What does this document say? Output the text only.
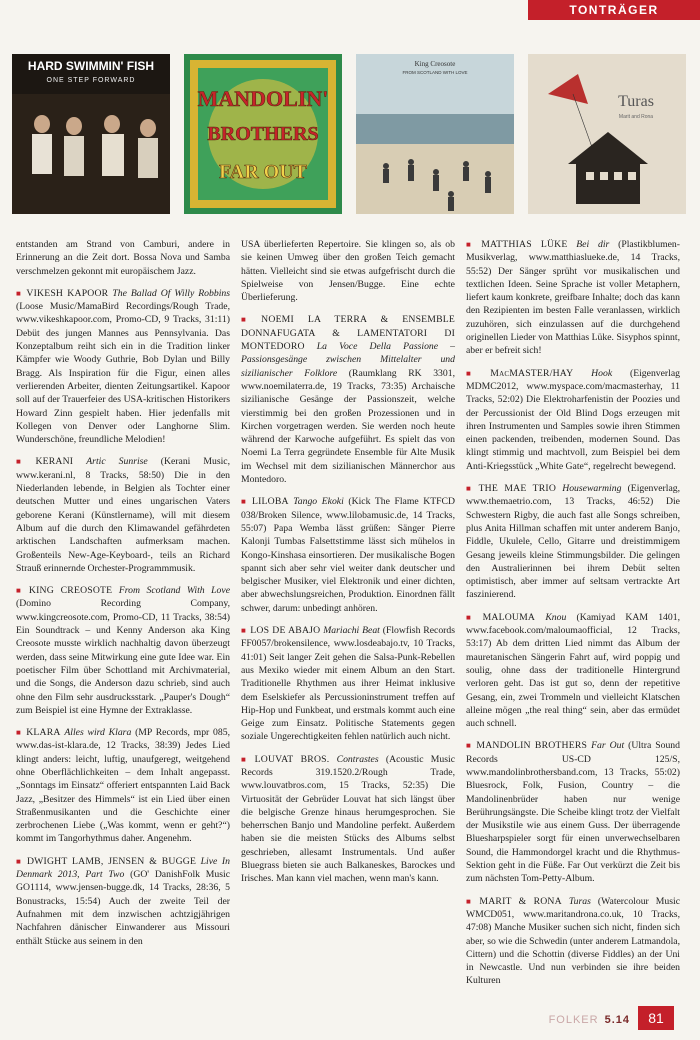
TONTRÄGER
HARD SWIMMIN' FISH
ONE STEP FORWARD
MANDOLIN'
BROTHERS
FAR OUT
King Creosote
FROM SCOTLAND WITH LOVE
Turas
Marit and Rona

entstanden am Strand von Camburi, andere in Erinnerung an die Zeit dort. Bossa Nova und Samba verschmelzen gekonnt mit europäischem Jazz.

■ VIKESH KAPOOR The Ballad Of Willy Robbins (Loose Music/MamaBird Recordings/Rough Trade, www.vikeshkapoor.com, Promo-CD, 9 Tracks, 31:11) Debüt des jungen Mannes aus Pennsylvania. Das Konzeptalbum reiht sich ein in die Tradition linker Kämpfer wie Woody Guthrie, Bob Dylan und Billy Bragg. Als Inspiration für die Figur, einen alles verlierenden Arbeiter, dienten Zeitungsartikel. Kapoor soll auf der Trauerfeier des USA-kritischen Historikers Howard Zinn gespielt haben. Hier jedenfalls mit Kollegen von Denver oder Langhorne Slim. Wunderschöne, freundliche Melodien!

■ KERANI Artic Sunrise (Kerani Music, www.kerani.nl, 8 Tracks, 58:50) Die in den Niederlanden lebende, in Belgien als Tochter einer deutschen Mutter und eines ungarischen Vaters geborene Kerani (Künstlername), will mit diesem Album auf die durch den Klimawandel gefährdeten arktischen Landschaften aufmerksam machen. Großenteils New-Age-Keyboard-, teils an Richard Strauß erinnernde Orchester-Programmmusik.

■ KING CREOSOTE From Scotland With Love (Domino Recording Company, www.kingcreosote.com, Promo-CD, 11 Tracks, 38:54) Ein Soundtrack – und Kenny Anderson aka King Creosote musste wirklich nachhaltig davon überzeugt werden, dass seine Mitwirkung eine gute Idee war. Ein poetischer Film über Schottland mit Archivmaterial, und die Songs, die Anderson dazu schrieb, sind auch ohne den Film sehr ausdrucksstark. „Pauper's Dough“ zum Beispiel ist eine Hymne der Extraklasse.

■ KLARA Alles wird Klara (MP Records, mpr 085, www.das-ist-klara.de, 12 Tracks, 38:39) Jedes Lied klingt anders: leicht, luftig, unaufgeregt, weitgehend ohne Oberflächlichkeiten – dem Inhalt angepasst. „Sonntags im Einsatz“ offeriert entspannten Laid Back Jazz, „Besitzer des Himmels“ ist ein Lied über einen Straßenmusikanten und die Geschichte einer zerbrochenen Liebe („Was kommt, wenn er geht?“) kommt im Tangorhythmus daher. Angenehm.

■ DWIGHT LAMB, JENSEN & BUGGE Live In Denmark 2013, Part Two (GO' DanishFolk Music GO1114, www.jensen-bugge.dk, 14 Tracks, 28:36, 5 Bonustracks, 15:54) Auch der zweite Teil der Aufnahmen mit dem inzwischen achtzigjährigen Nachfahren dänischer Einwanderer aus Missouri enthält Stücke aus seinem in den

USA überlieferten Repertoire. Sie klingen so, als ob sie keinen Umweg über den großen Teich gemacht hätten. Vielleicht sind sie etwas aufgefrischt durch die Spielweise von Jensen/Bugge. Eine echte Überlieferung.

■ NOEMI LA TERRA & ENSEMBLE DONNAFUGATA & LAMENTATORI DI MONTEDORO La Voce Della Passione – Passionsgesänge zwischen Mittelalter und sizilianischer Folklore (Raumklang RK 3301, www.noemilaterra.de, 19 Tracks, 73:35) Archaische sizilianische Gesänge der Passionszeit, welche vierstimmig bei den großen Prozessionen und in Kirchen vorgetragen werden. Sie werden noch heute während der Karwoche aufgeführt. Es spielt das von Noemi La Terra gegründete Ensemble für Alte Musik im Wechsel mit dem sizilianischen Männerchor aus Montedoro.

■ LILOBA Tango Ekoki (Kick The Flame KTFCD 038/Broken Silence, www.lilobamusic.de, 14 Tracks, 55:07) Papa Wemba lässt grüßen: Sänger Pierre Kalonji Tumbas Falsettstimme lässt sich mühelos in Kongo-Kinshasa einsortieren. Der musikalische Bogen spannt sich aber sehr viel weiter dank deutscher und belgischer Musiker, viel Elektronik und einer dichten, aber abwechslungsreichen, Produktion. Einordnen fällt schwer, darum: unbedingt anhören.

■ LOS DE ABAJO Mariachi Beat (Flowfish Records FF0057/brokensilence, www.losdeabajo.tv, 10 Tracks, 41:01) Seit langer Zeit gehen die Salsa-Punk-Rebellen aus Mexiko wieder mit einem Album an den Start. Traditionelle Rhythmen aus ihrer Heimat inklusive dem Eselskiefer als Percussioninstrument treffen auf Hip-Hop und Funkbeat, und erstmals kommt auch eine Geige zum Einsatz. Politische Statements gegen soziale Ungerechtigkeiten fehlen natürlich auch nicht.

■ LOUVAT BROS. Contrastes (Acoustic Music Records 319.1520.2/Rough Trade, www.louvatbros.com, 15 Tracks, 52:35) Die Virtuosität der Gebrüder Louvat hat sich längst über die belgische Grenze hinaus herumgesprochen. Sie beherrschen Banjo und Mandoline perfekt. Außerdem haben sie die meisten Stücks des Albums selbst geschrieben, allesamt Instrumentals. Und außer Bluegrass bieten sie auch Balkaneskes, Barockes und Irisches. Man kann viel machen, wenn man's kann.

■ MATTHIAS LÜKE Bei dir (Plastikblumen-Musikverlag, www.matthiaslueke.de, 14 Tracks, 55:52) Der Sänger sprüht vor musikalischen und textlichen Ideen. Seine Sprache ist voller Metaphern, liefert kaum konkrete, greifbare Inhalte; doch das kann den Rezipienten im besten Falle veranlassen, wirklich zuzuhören, sich einzulassen auf die durchgehend originellen Lieder von Matthias Lüke. Sisyphos spinnt, aber er befreit sich!

■ MacMASTER/HAY Hook (Eigenverlag MDMC2012, www.myspace.com/macmasterhay, 11 Tracks, 52:02) Die Elektroharfenistin der Poozies und der Percussionist der Old Blind Dogs erzeugen mit ihren Instrumenten und Samples sowie ihren Stimmen einen packenden, treibenden, modernen Sound. Das klingt stimmig und machtvoll, zum Beispiel bei dem Anti-Kriegsstück „White Gate“, regelrecht bewegend.

■ THE MAE TRIO Housewarming (Eigenverlag, www.themaetrio.com, 13 Tracks, 46:52) Die Schwestern Rigby, die auch fast alle Songs schreiben, plus Anita Hillman schaffen mit unter anderem Banjo, Fiddle, Ukulele, Cello, Gitarre und dreistimmigem Gesang jeweils kleine Stimmungsbilder. Die gelingen den Australierinnen bei ihrem Debüt selten optimistisch, aber immer auf seltsam vertrackte Art faszinierend.

■ MALOUMA Knou (Kamiyad KAM 1401, www.facebook.com/maloumaofficial, 12 Tracks, 53:17) Ab dem dritten Lied nimmt das Album der mauretanischen Sängerin Fahrt auf, wird poppig und soulig, ohne dass der traditionelle Hintergrund verloren geht. Das ist gut so, denn der repetitive Gesang, ein, zwei Trommeln und vielleicht Klatschen alleine mögen „the real thing“ sein, aber das ermüdet auch schnell.

■ MANDOLIN BROTHERS Far Out (Ultra Sound Records US-CD 125/S, www.mandolinbrothersband.com, 13 Tracks, 55:02) Bluesrock, Folk, Fusion, Country – die Mandolinenbrüder haben nur wenige Berührungsängste. Die Scheibe klingt trotz der Vielfalt der Musikstile wie aus einem Guss. Der überragende Bluesharpspieler sorgt für einen unverwechselbaren Sound, die Hammondorgel kracht und die Rhythmus-Sektion geht in die Füße. Far Out verkürzt die Zeit bis zum nächsten Tom-Petty-Album.

■ MARIT & RONA Turas (Watercolour Music WMCD051, www.maritandrona.co.uk, 10 Tracks, 47:08) Manche Musiker suchen sich nicht, finden sich aber, so wie die Schwedin (unter anderem Latmandola, Cittern) und die Schottin (diverse Fiddles) an der Uni in Newcastle. Und nun verbinden sie ihre beiden Kulturen

FOLKER 5.14	81
